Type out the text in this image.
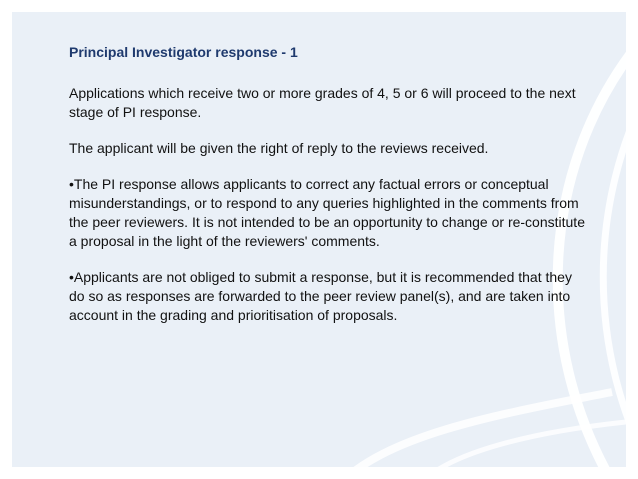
Principal Investigator response - 1
Applications which receive two or more grades of 4, 5 or 6 will proceed to the next stage of PI response.
The applicant will be given the right of reply to the reviews received.
•The PI response allows applicants to correct any factual errors or conceptual misunderstandings, or to respond to any queries highlighted in the comments from the peer reviewers. It is not intended to be an opportunity to change or re-constitute a proposal in the light of the reviewers' comments.
•Applicants are not obliged to submit a response, but it is recommended that they do so as responses are forwarded to the peer review panel(s), and are taken into account in the grading and prioritisation of proposals.
